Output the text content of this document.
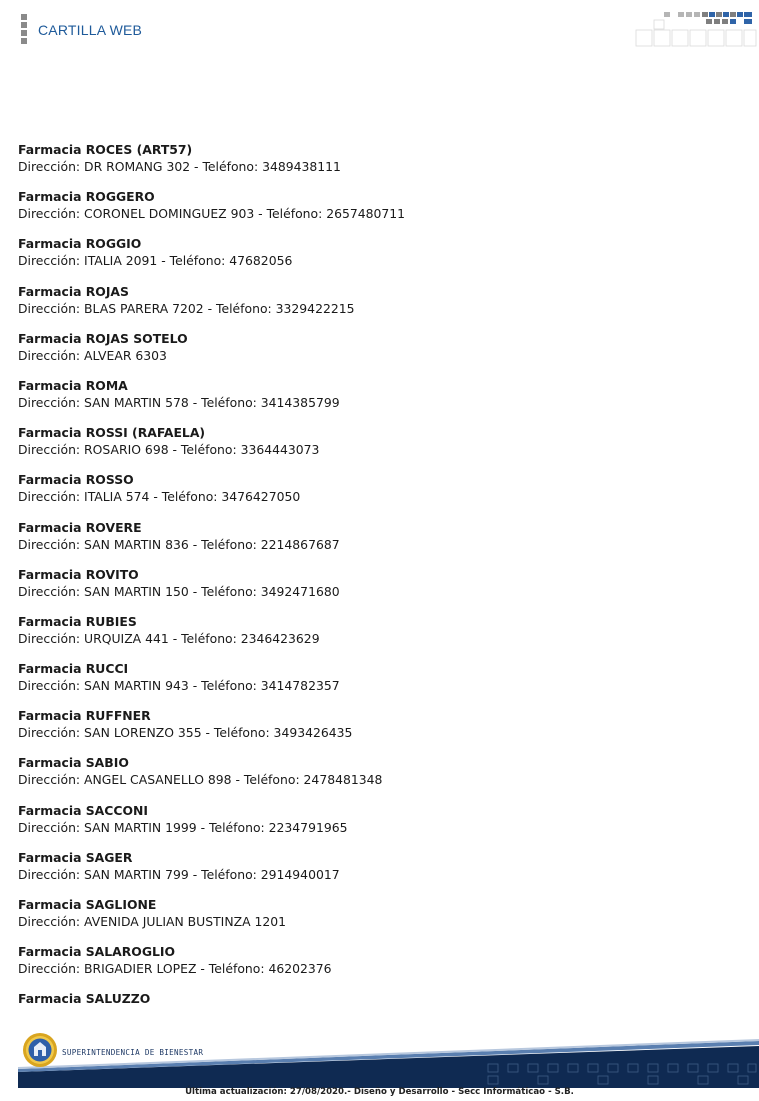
CARTILLA WEB
Farmacia ROCES (ART57)
Dirección: DR ROMANG 302 - Teléfono: 3489438111
Farmacia ROGGERO
Dirección: CORONEL DOMINGUEZ 903 - Teléfono: 2657480711
Farmacia ROGGIO
Dirección: ITALIA 2091 - Teléfono: 47682056
Farmacia ROJAS
Dirección: BLAS PARERA 7202 - Teléfono: 3329422215
Farmacia ROJAS SOTELO
Dirección: ALVEAR 6303
Farmacia ROMA
Dirección: SAN MARTIN 578 - Teléfono: 3414385799
Farmacia ROSSI (RAFAELA)
Dirección: ROSARIO 698 - Teléfono: 3364443073
Farmacia ROSSO
Dirección: ITALIA 574 - Teléfono: 3476427050
Farmacia ROVERE
Dirección: SAN MARTIN 836 - Teléfono: 2214867687
Farmacia ROVITO
Dirección: SAN MARTIN 150 - Teléfono: 3492471680
Farmacia RUBIES
Dirección: URQUIZA 441 - Teléfono: 2346423629
Farmacia RUCCI
Dirección: SAN MARTIN 943 - Teléfono: 3414782357
Farmacia RUFFNER
Dirección: SAN LORENZO 355 - Teléfono: 3493426435
Farmacia SABIO
Dirección: ANGEL CASANELLO 898 - Teléfono: 2478481348
Farmacia SACCONI
Dirección: SAN MARTIN 1999 - Teléfono: 2234791965
Farmacia SAGER
Dirección: SAN MARTIN 799 - Teléfono: 2914940017
Farmacia SAGLIONE
Dirección: AVENIDA JULIAN BUSTINZA 1201
Farmacia SALAROGLIO
Dirección: BRIGADIER LOPEZ - Teléfono: 46202376
Farmacia SALUZZO
SUPERINTENDENCIA DE BIENESTAR
Última actualización: 27/08/2020.- Diseño y Desarrollo - Secc Informáticao - S.B.
